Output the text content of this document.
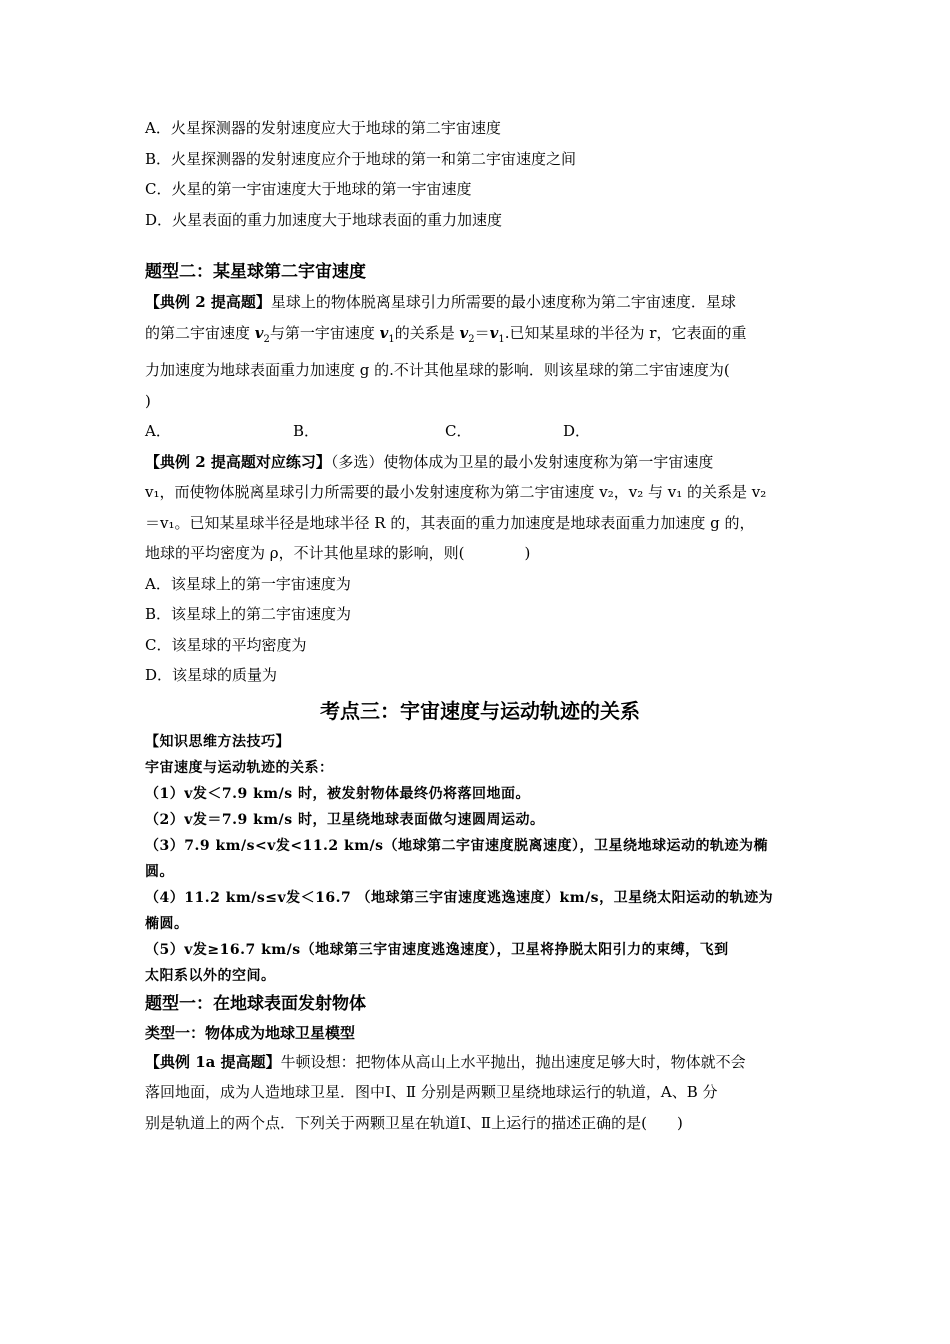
A．火星探测器的发射速度应大于地球的第二宇宙速度
B．火星探测器的发射速度应介于地球的第一和第二宇宙速度之间
C．火星的第一宇宙速度大于地球的第一宇宙速度
D．火星表面的重力加速度大于地球表面的重力加速度
题型二：某星球第二宇宙速度
【典例 2 提高题】星球上的物体脱离星球引力所需要的最小速度称为第二宇宙速度．星球
的第二宇宙速度 $v_2$与第一宇宙速度 $v_1$的关系是 $v_2=v_1$.已知某星球的半径为 r，它表面的重
力加速度为地球表面重力加速度 g 的.不计其他星球的影响．则该星球的第二宇宙速度为(
)
A．	B．	C．	D．
【典例 2 提高题对应练习】（多选）使物体成为卫星的最小发射速度称为第一宇宙速度
v₁，而使物体脱离星球引力所需要的最小发射速度称为第二宇宙速度 v₂，v₂ 与 v₁ 的关系是 v₂
＝v₁。已知某星球半径是地球半径 R 的，其表面的重力加速度是地球表面重力加速度 g 的，
地球的平均密度为 ρ，不计其他星球的影响，则(　　　　)
A．该星球上的第一宇宙速度为
B．该星球上的第二宇宙速度为
C．该星球的平均密度为
D．该星球的质量为
考点三：宇宙速度与运动轨迹的关系
【知识思维方法技巧】
宇宙速度与运动轨迹的关系：
（1）v发＜7.9 km/s 时，被发射物体最终仍将落回地面。
（2）v发＝7.9 km/s 时，卫星绕地球表面做匀速圆周运动。
（3）7.9 km/s<v发<11.2 km/s（地球第二宇宙速度脱离速度），卫星绕地球运动的轨迹为椭
圆。
（4）11.2 km/s≤v发＜16.7 （地球第三宇宙速度逃逸速度）km/s，卫星绕太阳运动的轨迹为
椭圆。
（5）v发≥16.7 km/s（地球第三宇宙速度逃逸速度），卫星将挣脱太阳引力的束缚，飞到
太阳系以外的空间。
题型一：在地球表面发射物体
类型一：物体成为地球卫星模型
【典例 1a 提高题】牛顿设想：把物体从高山上水平抛出，抛出速度足够大时，物体就不会
落回地面，成为人造地球卫星．图中Ⅰ、Ⅱ 分别是两颗卫星绕地球运行的轨道，A、B 分
别是轨道上的两个点．下列关于两颗卫星在轨道Ⅰ、Ⅱ上运行的描述正确的是(　　)
